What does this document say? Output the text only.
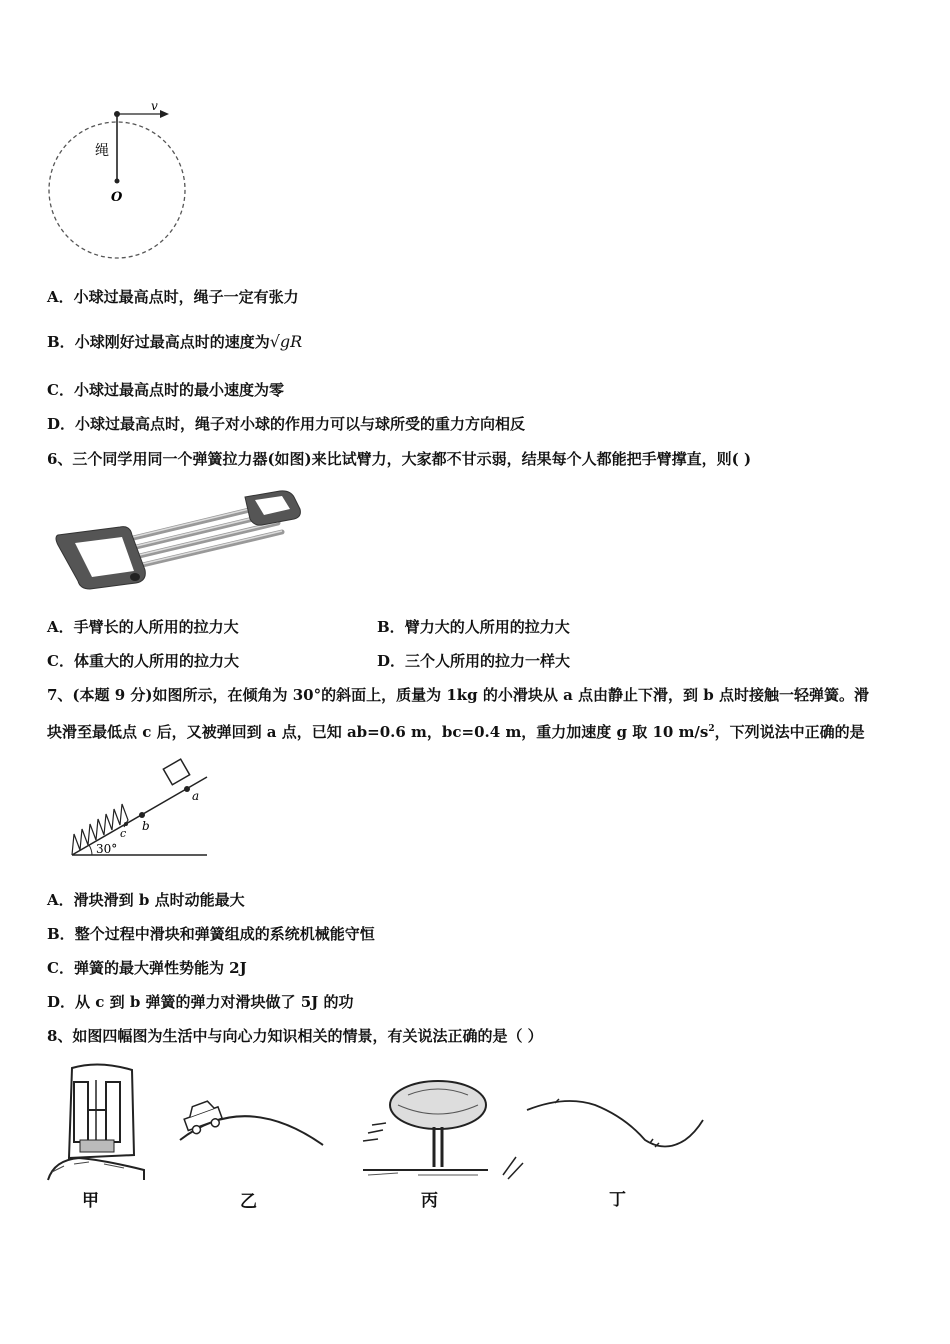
v
绳
O
A．小球过最高点时，绳子一定有张力
B．小球刚好过最高点时的速度为√gR
C．小球过最高点时的最小速度为零
D．小球过最高点时，绳子对小球的作用力可以与球所受的重力方向相反
6、三个同学用同一个弹簧拉力器(如图)来比试臂力，大家都不甘示弱，结果每个人都能把手臂撑直，则( )
A．手臂长的人所用的拉力大	B．臂力大的人所用的拉力大
C．体重大的人所用的拉力大	D．三个人所用的拉力一样大
7、(本题 9 分)如图所示，在倾角为 30°的斜面上，质量为 1kg 的小滑块从 a 点由静止下滑，到 b 点时接触一轻弹簧。滑
块滑至最低点 c 后，又被弹回到 a 点，已知 ab=0.6 m，bc=0.4 m，重力加速度 g 取 10 $m/s^2$，下列说法中正确的是
30°
a
b
c
A．滑块滑到 b 点时动能最大
B．整个过程中滑块和弹簧组成的系统机械能守恒
C．弹簧的最大弹性势能为 2J
D．从 c 到 b 弹簧的弹力对滑块做了 5J 的功
8、如图四幅图为生活中与向心力知识相关的情景，有关说法正确的是（ ）
甲	乙	丙	丁
